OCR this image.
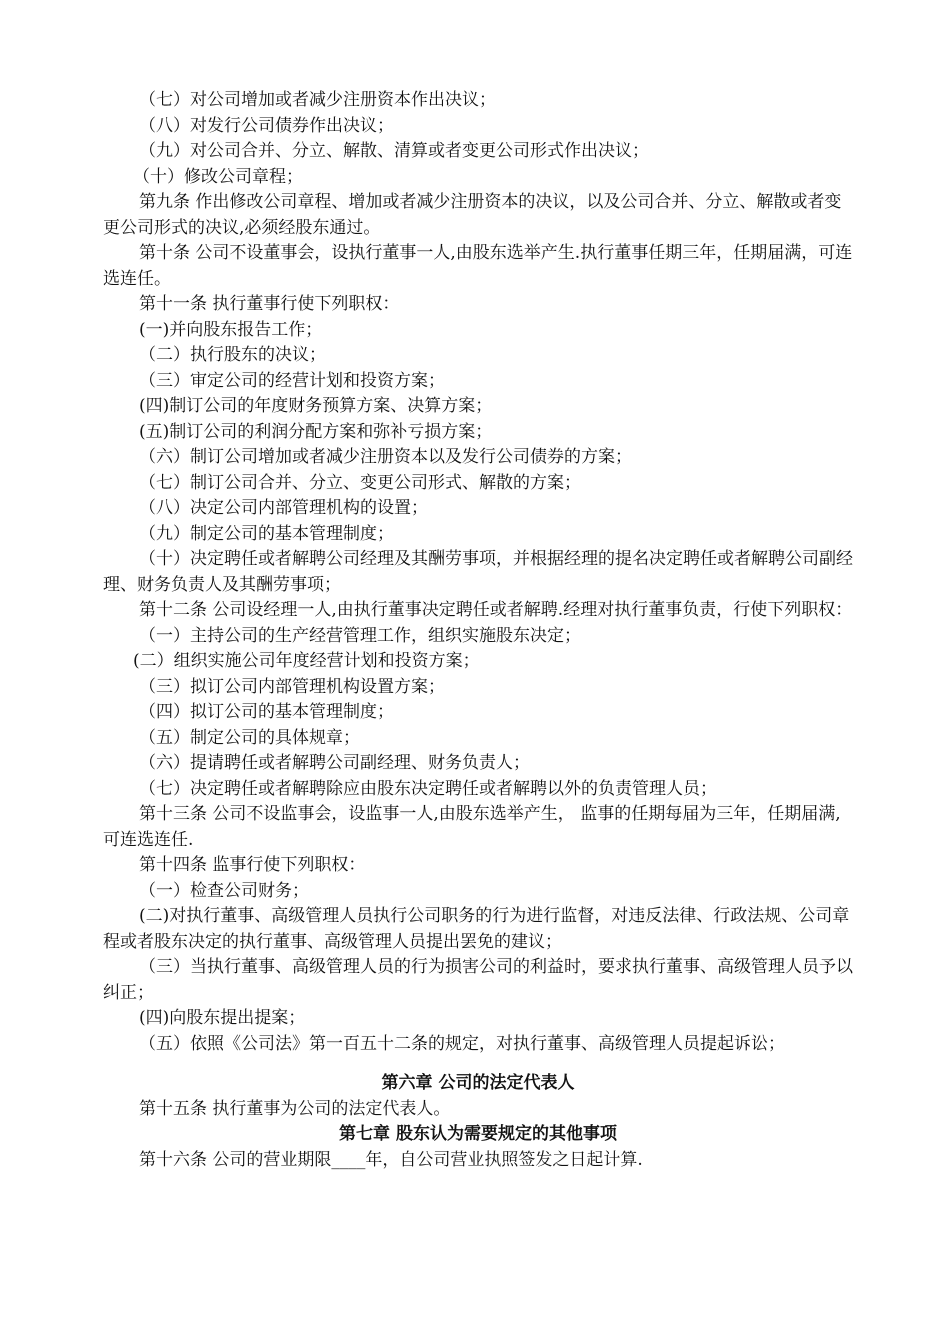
（七）对公司增加或者减少注册资本作出决议；

（八）对发行公司债券作出决议；

（九）对公司合并、分立、解散、清算或者变更公司形式作出决议；

（十）修改公司章程；

第九条 作出修改公司章程、增加或者减少注册资本的决议，以及公司合并、分立、解散或者变更公司形式的决议,必须经股东通过。

第十条 公司不设董事会，设执行董事一人,由股东选举产生.执行董事任期三年，任期届满，可连选连任。

第十一条 执行董事行使下列职权：

(一)并向股东报告工作；

（二）执行股东的决议；

（三）审定公司的经营计划和投资方案；

(四)制订公司的年度财务预算方案、决算方案；

(五)制订公司的利润分配方案和弥补亏损方案；

（六）制订公司增加或者减少注册资本以及发行公司债券的方案；

（七）制订公司合并、分立、变更公司形式、解散的方案；

（八）决定公司内部管理机构的设置；

（九）制定公司的基本管理制度；

（十）决定聘任或者解聘公司经理及其酬劳事项，并根据经理的提名决定聘任或者解聘公司副经理、财务负责人及其酬劳事项；

第十二条 公司设经理一人,由执行董事决定聘任或者解聘.经理对执行董事负责，行使下列职权：

（一）主持公司的生产经营管理工作，组织实施股东决定；

(二）组织实施公司年度经营计划和投资方案；

（三）拟订公司内部管理机构设置方案；

（四）拟订公司的基本管理制度；

（五）制定公司的具体规章；

（六）提请聘任或者解聘公司副经理、财务负责人；

（七）决定聘任或者解聘除应由股东决定聘任或者解聘以外的负责管理人员；

第十三条 公司不设监事会，设监事一人,由股东选举产生， 监事的任期每届为三年，任期届满,可连选连任.

第十四条 监事行使下列职权：

（一）检查公司财务；

(二)对执行董事、高级管理人员执行公司职务的行为进行监督，对违反法律、行政法规、公司章程或者股东决定的执行董事、高级管理人员提出罢免的建议；

（三）当执行董事、高级管理人员的行为损害公司的利益时，要求执行董事、高级管理人员予以纠正；

(四)向股东提出提案；

（五）依照《公司法》第一百五十二条的规定，对执行董事、高级管理人员提起诉讼；

第六章 公司的法定代表人

第十五条 执行董事为公司的法定代表人。

第七章 股东认为需要规定的其他事项

第十六条 公司的营业期限____年，自公司营业执照签发之日起计算.
